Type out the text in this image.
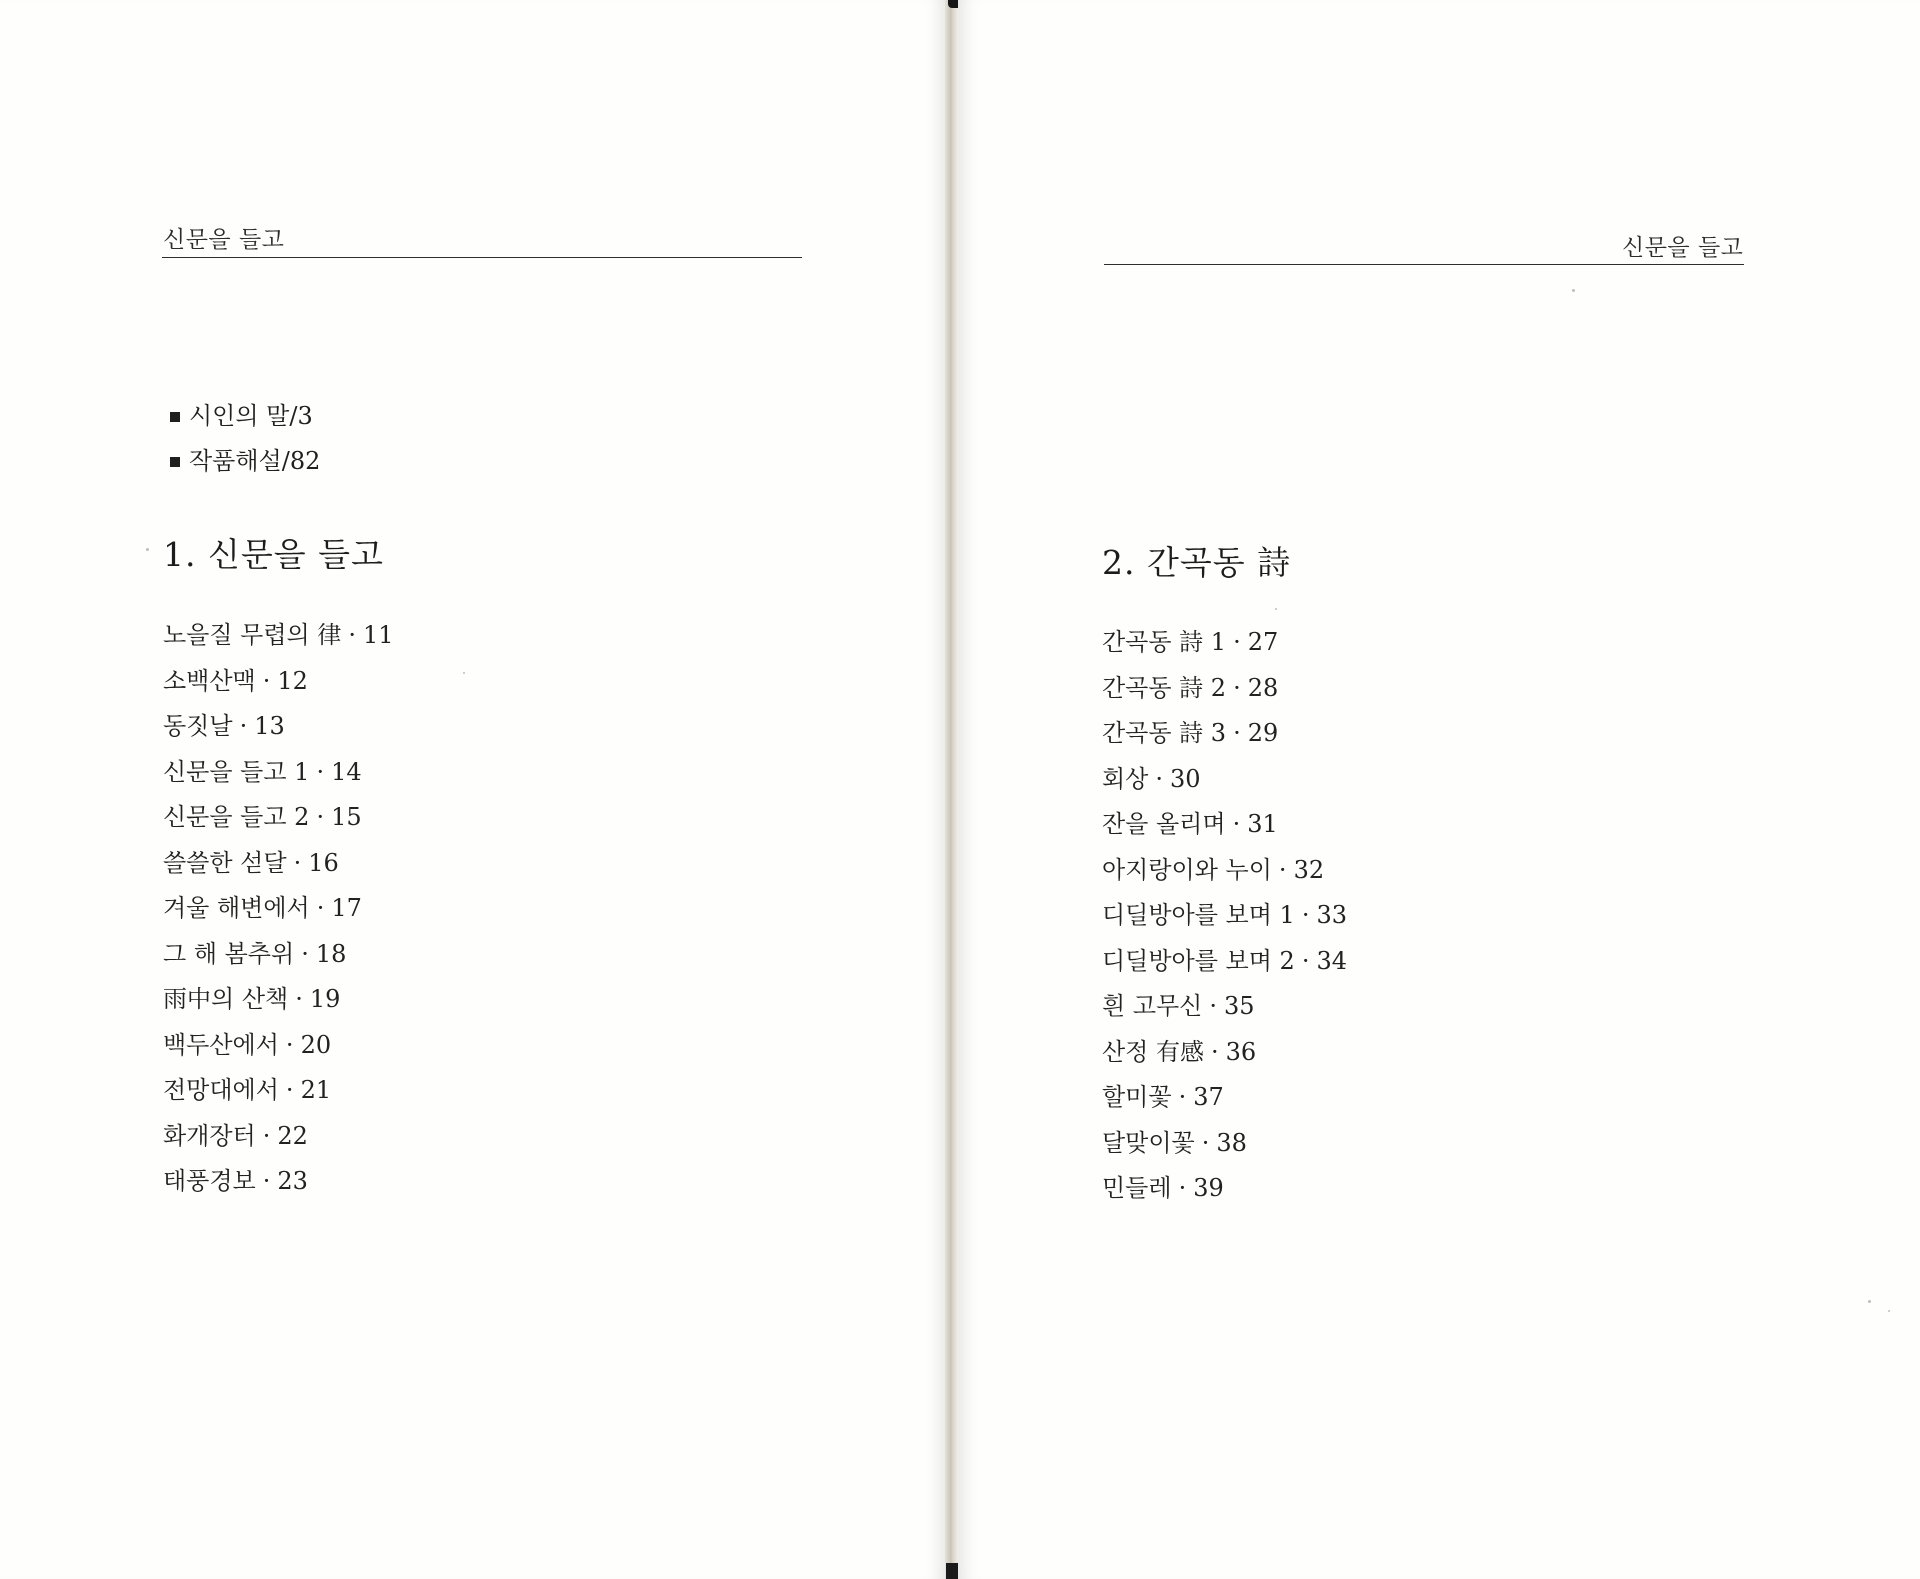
신문을 들고
시인의 말/3
작품해설/82
1. 신문을 들고
노을질 무렵의 律 · 11
소백산맥 · 12
동짓날 · 13
신문을 들고 1 · 14
신문을 들고 2 · 15
쓸쓸한 섣달 · 16
겨울 해변에서 · 17
그 해 봄추위 · 18
雨中의 산책 · 19
백두산에서 · 20
전망대에서 · 21
화개장터 · 22
태풍경보 · 23
신문을 들고
2. 간곡동 詩
간곡동 詩 1 · 27
간곡동 詩 2 · 28
간곡동 詩 3 · 29
회상 · 30
잔을 올리며 · 31
아지랑이와 누이 · 32
디딜방아를 보며 1 · 33
디딜방아를 보며 2 · 34
흰 고무신 · 35
산정 有感 · 36
할미꽃 · 37
달맞이꽃 · 38
민들레 · 39
